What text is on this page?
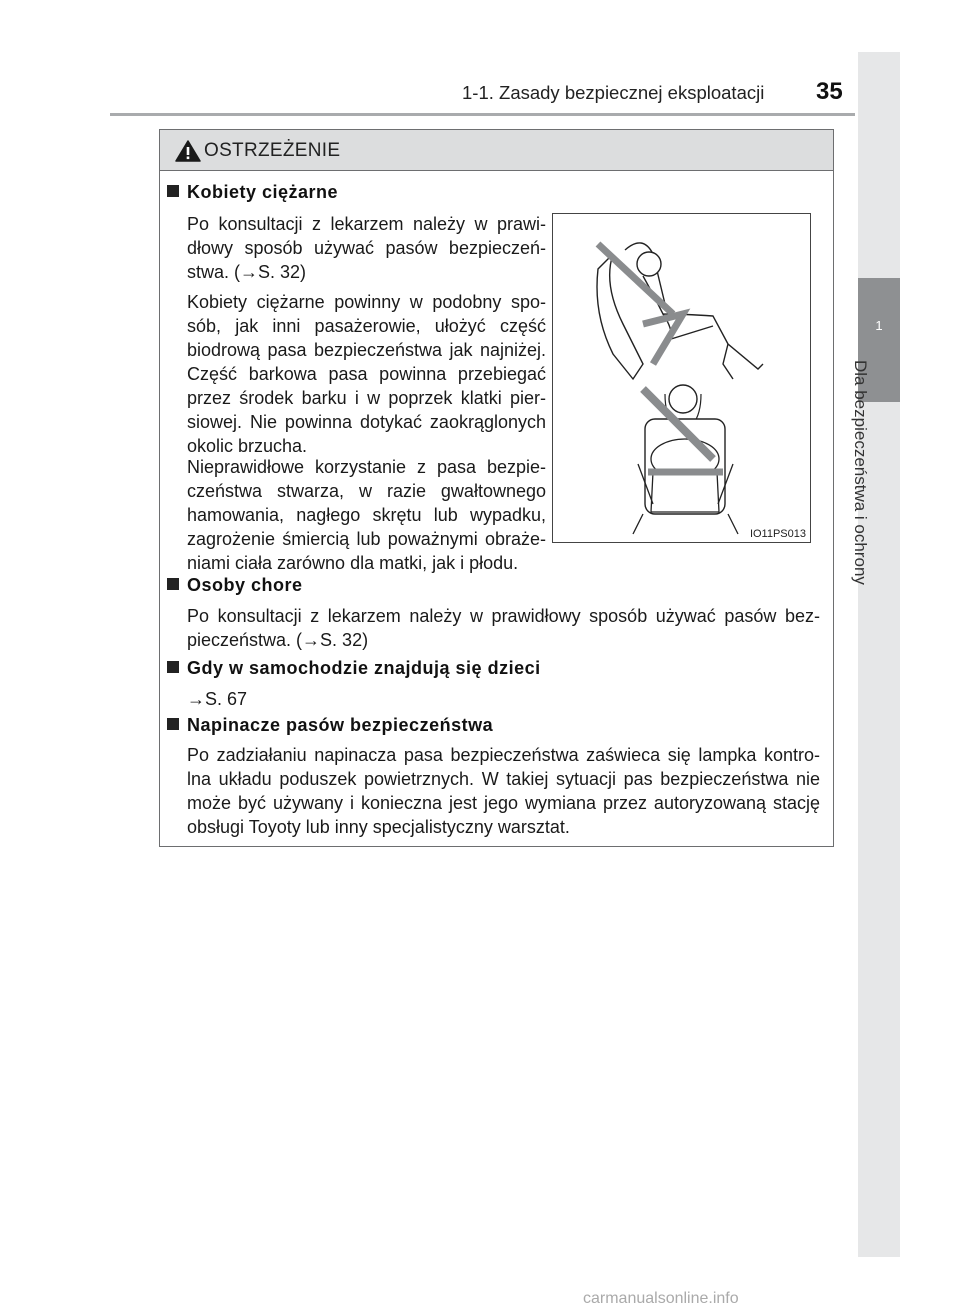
1-1. Zasady bezpiecznej eksploatacji 35
1
Dla bezpieczeństwa i ochrony
OSTRZEŻENIE
Kobiety ciężarne
Po konsultacji z lekarzem należy w prawi-dłowy sposób używać pasów bezpieczeń-stwa. (→S. 32)
Kobiety ciężarne powinny w podobny spo-sób, jak inni pasażerowie, ułożyć część biodrową pasa bezpieczeństwa jak najniżej. Część barkowa pasa powinna przebiegać przez środek barku i w poprzek klatki pier-siowej. Nie powinna dotykać zaokrąglonych okolic brzucha.
Nieprawidłowe korzystanie z pasa bezpie-czeństwa stwarza, w razie gwałtownego hamowania, nagłego skrętu lub wypadku, zagrożenie śmiercią lub poważnymi obraże-niami ciała zarówno dla matki, jak i płodu.
IO11PS013
Osoby chore
Po konsultacji z lekarzem należy w prawidłowy sposób używać pasów bez-pieczeństwa. (→S. 32)
Gdy w samochodzie znajdują się dzieci
→S. 67
Napinacze pasów bezpieczeństwa
Po zadziałaniu napinacza pasa bezpieczeństwa zaświeca się lampka kontro-lna układu poduszek powietrznych. W takiej sytuacji pas bezpieczeństwa nie może być używany i konieczna jest jego wymiana przez autoryzowaną stację obsługi Toyoty lub inny specjalistyczny warsztat.
carmanualsonline.info
